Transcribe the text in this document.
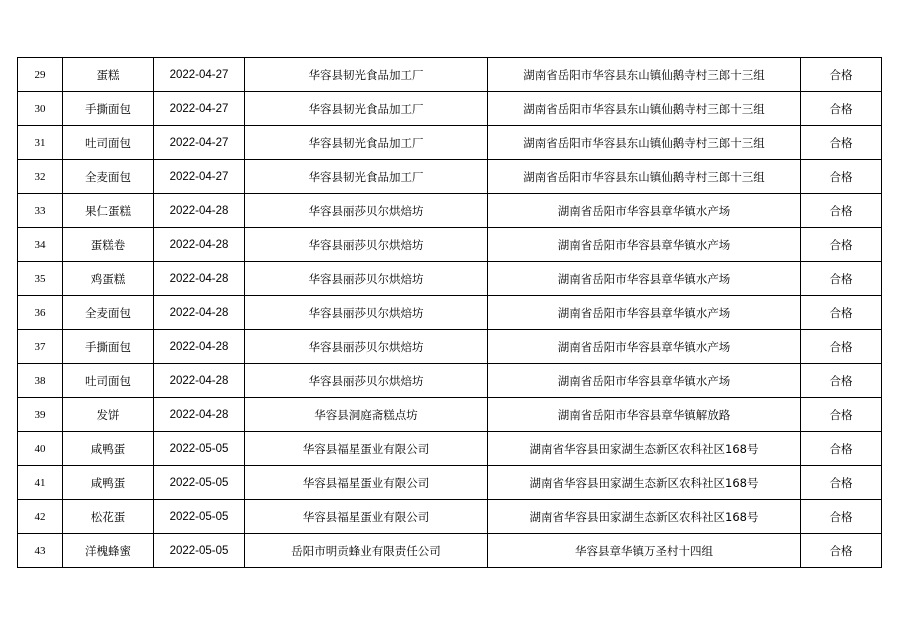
29	蛋糕	2022-04-27	华容县韧光食品加工厂	湖南省岳阳市华容县东山镇仙鹅寺村三郎十三组	合格
30	手撕面包	2022-04-27	华容县韧光食品加工厂	湖南省岳阳市华容县东山镇仙鹅寺村三郎十三组	合格
31	吐司面包	2022-04-27	华容县韧光食品加工厂	湖南省岳阳市华容县东山镇仙鹅寺村三郎十三组	合格
32	全麦面包	2022-04-27	华容县韧光食品加工厂	湖南省岳阳市华容县东山镇仙鹅寺村三郎十三组	合格
33	果仁蛋糕	2022-04-28	华容县丽莎贝尔烘焙坊	湖南省岳阳市华容县章华镇水产场	合格
34	蛋糕卷	2022-04-28	华容县丽莎贝尔烘焙坊	湖南省岳阳市华容县章华镇水产场	合格
35	鸡蛋糕	2022-04-28	华容县丽莎贝尔烘焙坊	湖南省岳阳市华容县章华镇水产场	合格
36	全麦面包	2022-04-28	华容县丽莎贝尔烘焙坊	湖南省岳阳市华容县章华镇水产场	合格
37	手撕面包	2022-04-28	华容县丽莎贝尔烘焙坊	湖南省岳阳市华容县章华镇水产场	合格
38	吐司面包	2022-04-28	华容县丽莎贝尔烘焙坊	湖南省岳阳市华容县章华镇水产场	合格
39	发饼	2022-04-28	华容县洞庭斋糕点坊	湖南省岳阳市华容县章华镇解放路	合格
40	咸鸭蛋	2022-05-05	华容县福星蛋业有限公司	湖南省华容县田家湖生态新区农科社区168号	合格
41	咸鸭蛋	2022-05-05	华容县福星蛋业有限公司	湖南省华容县田家湖生态新区农科社区168号	合格
42	松花蛋	2022-05-05	华容县福星蛋业有限公司	湖南省华容县田家湖生态新区农科社区168号	合格
43	洋槐蜂蜜	2022-05-05	岳阳市明贡蜂业有限责任公司	华容县章华镇万圣村十四组	合格
